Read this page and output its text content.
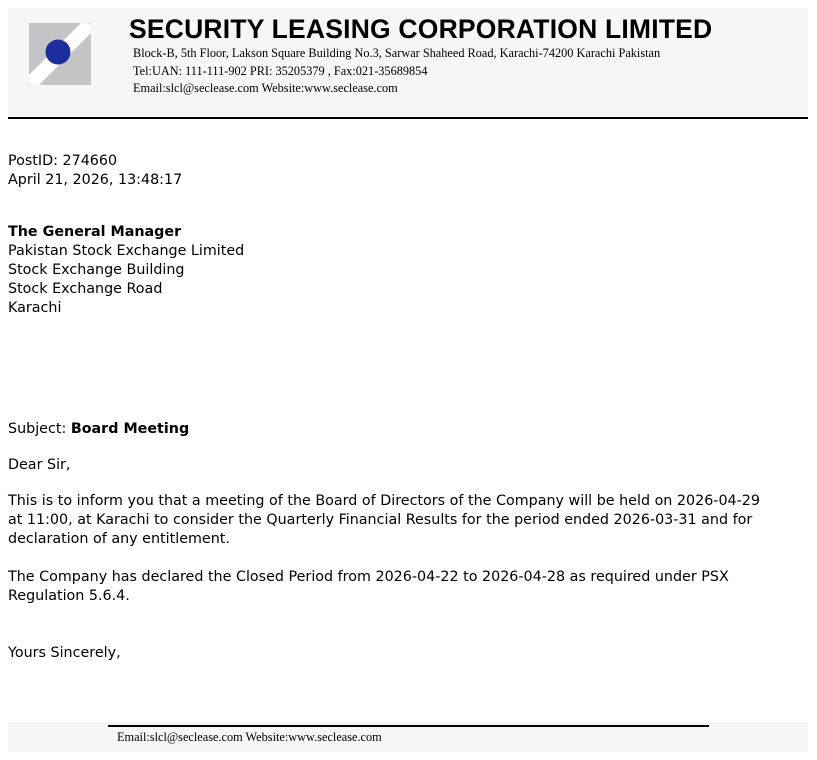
SECURITY LEASING CORPORATION LIMITED
Block-B, 5th Floor, Lakson Square Building No.3, Sarwar Shaheed Road, Karachi-74200 Karachi Pakistan
Tel:UAN: 111-111-902 PRI: 35205379 , Fax:021-35689854
Email:slcl@seclease.com Website:www.seclease.com
PostID: 274660
April 21, 2026, 13:48:17
The General Manager
Pakistan Stock Exchange Limited
Stock Exchange Building
Stock Exchange Road
Karachi
Subject: Board Meeting
Dear Sir,
This is to inform you that a meeting of the Board of Directors of the Company will be held on 2026-04-29 at 11:00, at Karachi to consider the Quarterly Financial Results for the period ended 2026-03-31 and for declaration of any entitlement.
The Company has declared the Closed Period from 2026-04-22 to 2026-04-28 as required under PSX Regulation 5.6.4.
Yours Sincerely,
Email:slcl@seclease.com Website:www.seclease.com
